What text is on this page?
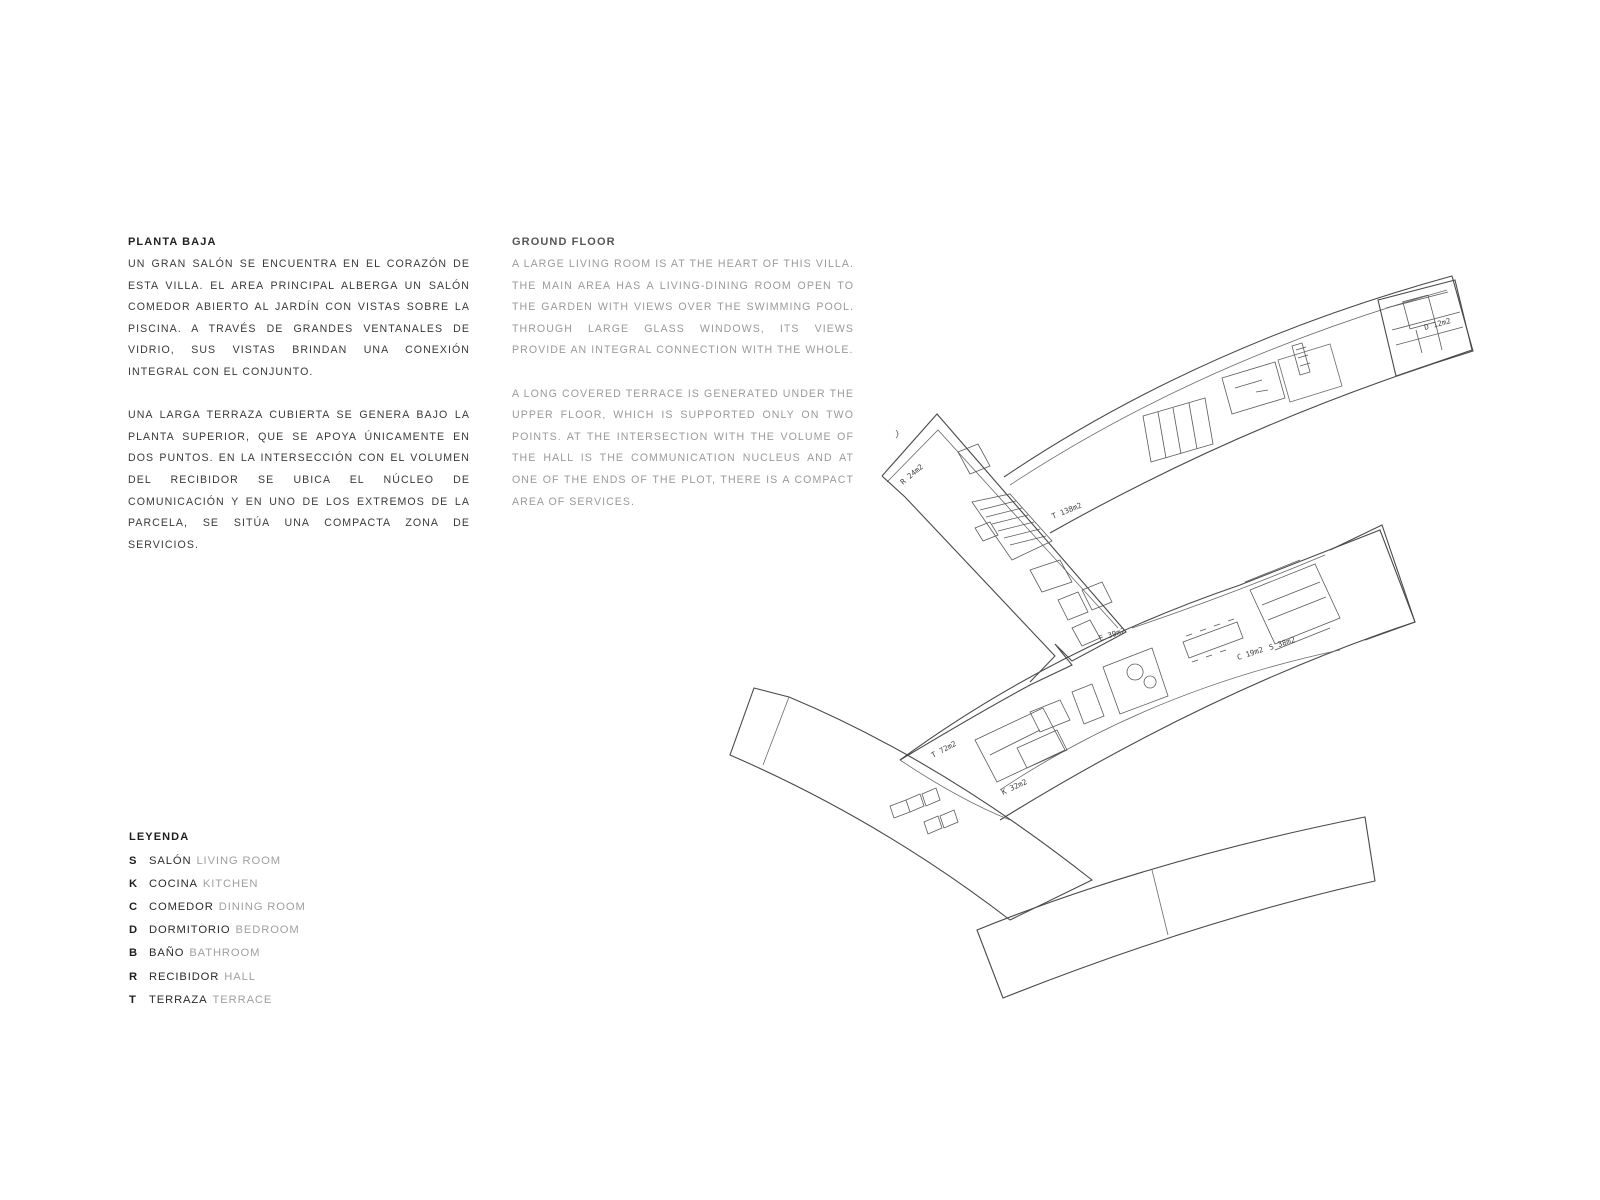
PLANTA BAJA

UN GRAN SALÓN SE ENCUENTRA EN EL CORAZÓN DE ESTA VILLA. EL AREA PRINCIPAL ALBERGA UN SALÓN COMEDOR ABIERTO AL JARDÍN CON VISTAS SOBRE LA PISCINA. A TRAVÉS DE GRANDES VENTANALES DE VIDRIO, SUS VISTAS BRINDAN UNA CONEXIÓN INTEGRAL CON EL CONJUNTO.

UNA LARGA TERRAZA CUBIERTA SE GENERA BAJO LA PLANTA SUPERIOR, QUE SE APOYA ÚNICAMENTE EN DOS PUNTOS. EN LA INTERSECCIÓN CON EL VOLUMEN DEL RECIBIDOR SE UBICA EL NÚCLEO DE COMUNICACIÓN Y EN UNO DE LOS EXTREMOS DE LA PARCELA, SE SITÚA UNA COMPACTA ZONA DE SERVICIOS.

GROUND FLOOR

A LARGE LIVING ROOM IS AT THE HEART OF THIS VILLA. THE MAIN AREA HAS A LIVING-DINING ROOM OPEN TO THE GARDEN WITH VIEWS OVER THE SWIMMING POOL. THROUGH LARGE GLASS WINDOWS, ITS VIEWS PROVIDE AN INTEGRAL CONNECTION WITH THE WHOLE.

A LONG COVERED TERRACE IS GENERATED UNDER THE UPPER FLOOR, WHICH IS SUPPORTED ONLY ON TWO POINTS. AT THE INTERSECTION WITH THE VOLUME OF THE HALL IS THE COMMUNICATION NUCLEUS AND AT ONE OF THE ENDS OF THE PLOT, THERE IS A COMPACT AREA OF SERVICES.

LEYENDA
S	SALÓN LIVING ROOM
K COCINA KITCHEN
C COMEDOR DINING ROOM
D DORMITORIO BEDROOM
B BAÑO BATHROOM
R RECIBIDOR HALL
T	TERRAZA TERRACE
R 24m2
E 39m2
T 138m2
C 19m2
S 38m2
K 32m2
T 72m2
D 12m2
